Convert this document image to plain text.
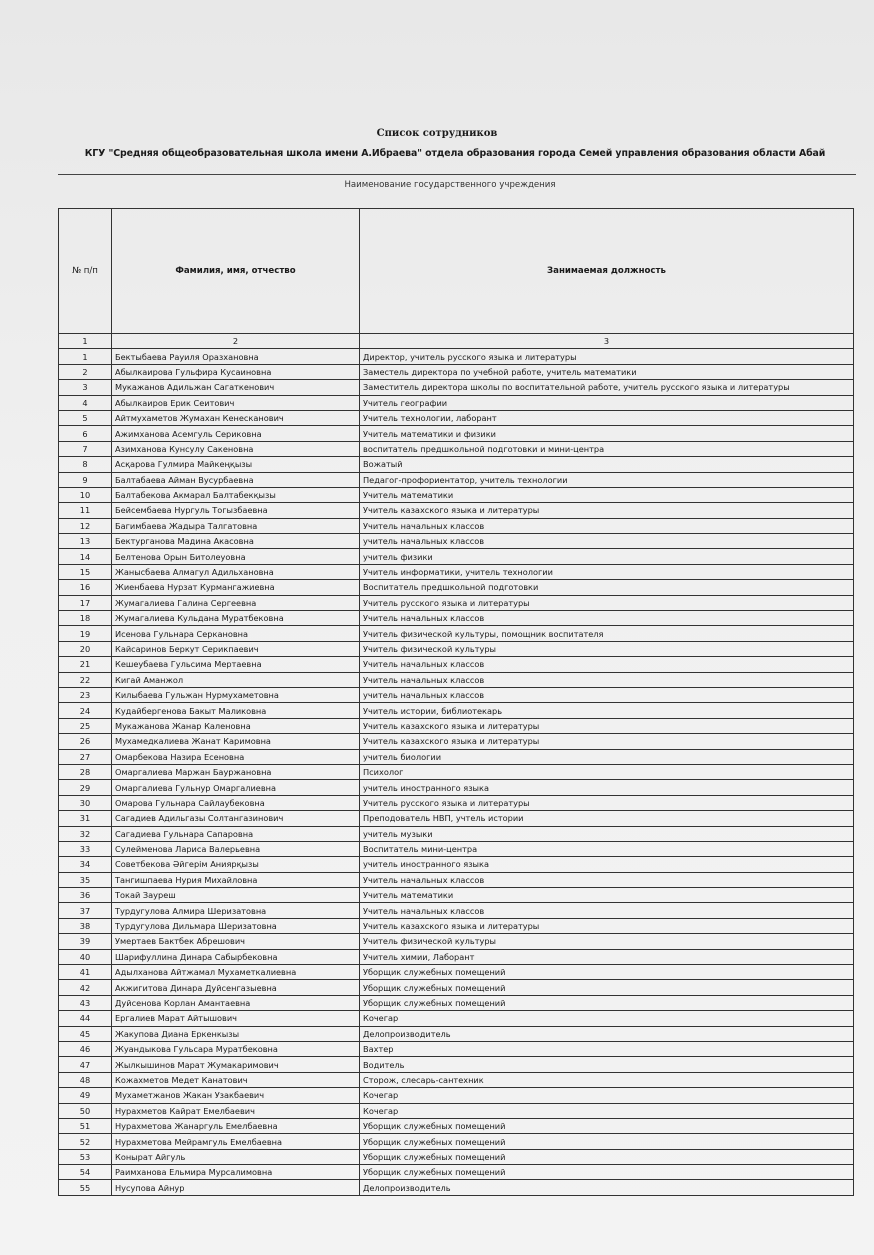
Список сотрудников
КГУ "Средняя общеобразовательная школа имени А.Ибраева" отдела образования города Семей управления образования области Абай
Наименование государственного учреждения
№ п/п	Фамилия, имя, отчество	Занимаемая должность
1	2	3
1	Бектыбаева Рауиля Оразхановна	Директор, учитель русского языка и литературы
2	Абылкаирова Гульфира Кусаиновна	Заместель директора по учебной работе, учитель математики
3	Мукажанов Адильжан Сагаткенович	Заместитель директора школы по воспитательной работе, учитель русского языка и литературы
4	Абылкаиров Ерик Сеитович	Учитель географии
5	Айтмухаметов Жумахан Кенесканович	Учитель технологии, лаборант
6	Ажимханова Асемгуль Сериковна	Учитель математики и физики
7	Азимханова Кунсулу Сакеновна	воспитатель предшкольной подготовки и мини-центра
8	Асқарова Гулмира Майкеңқызы	Вожатый
9	Балтабаева Айман Вусурбаевна	Педагог-профориентатор, учитель технологии
10	Балтабекова Акмарал Балтабекқызы	Учитель математики
11	Бейсембаева Нургуль Тогызбаевна	Учитель казахского языка и литературы
12	Багимбаева Жадыра Талгатовна	Учитель начальных классов
13	Бектурганова Мадина Акасовна	учитель начальных классов
14	Белтенова Орын Битолеуовна	учитель физики
15	Жанысбаева Алмагул Адильхановна	Учитель информатики, учитель технологии
16	Жиенбаева Нурзат Курмангажиевна	Воспитатель предшкольной подготовки
17	Жумагалиева Галина Сергеевна	Учитель русского языка и литературы
18	Жумагалиева Кульдана Муратбековна	Учитель начальных классов
19	Исенова Гульнара Серкановна	Учитель физической культуры, помощник воспитателя
20	Кайсаринов Беркут Серикпаевич	Учитель физической культуры
21	Кешеубаева Гульсима Мертаевна	Учитель начальных классов
22	Кигай Аманжол	Учитель начальных классов
23	Килыбаева Гульжан Нурмухаметовна	учитель начальных классов
24	Кудайбергенова Бакыт Маликовна	Учитель истории, библиотекарь
25	Мукажанова Жанар Каленовна	Учитель казахского языка и литературы
26	Мухамедкалиева Жанат Каримовна	Учитель казахского языка и литературы
27	Омарбекова Назира Есеновна	учитель биологии
28	Омаргалиева Маржан Бауржановна	Психолог
29	Омаргалиева Гульнур Омаргалиевна	учитель иностранного языка
30	Омарова Гульнара Сайлаубековна	Учитель русского языка и литературы
31	Сагадиев Адильгазы Солтангазинович	Преподователь НВП, учтель истории
32	Сагадиева Гульнара Сапаровна	учитель музыки
33	Сулейменова Лариса Валерьевна	Воспитатель мини-центра
34	Советбекова Әйгерім Аниярқызы	учитель иностранного языка
35	Тангишпаева Нурия Михайловна	Учитель начальных классов
36	Токай Зауреш	Учитель математики
37	Турдугулова Алмира Шеризатовна	Учитель начальных классов
38	Турдугулова Дильмара Шеризатовна	Учитель казахского языка и литературы
39	Умертаев Бактбек Абрешович	Учитель физической культуры
40	Шарифуллина Динара Сабырбековна	Учитель химии, Лаборант
41	Адылханова Айтжамал Мухаметкалиевна	Уборщик служебных помещений
42	Акжигитова Динара Дуйсенгазыевна	Уборщик служебных помещений
43	Дуйсенова Корлан Амантаевна	Уборщик служебных помещений
44	Ергалиев Марат Айтышович	Кочегар
45	Жакупова Диана Еркенкызы	Делопроизводитель
46	Жуандыкова Гульсара Муратбековна	Вахтер
47	Жылкышинов Марат Жумакаримович	Водитель
48	Кожахметов Медет Канатович	Сторож, слесарь-сантехник
49	Мухаметжанов Жакан Узакбаевич	Кочегар
50	Нурахметов Кайрат Емелбаевич	Кочегар
51	Нурахметова Жанаргуль Емелбаевна	Уборщик служебных помещений
52	Нурахметова Мейрамгуль Емелбаевна	Уборщик служебных помещений
53	Коныpат Айгуль	Уборщик служебных помещений
54	Раимханова Ельмира Мурсалимовна	Уборщик служебных помещений
55	Нусупова Айнур	Делопроизводитель
